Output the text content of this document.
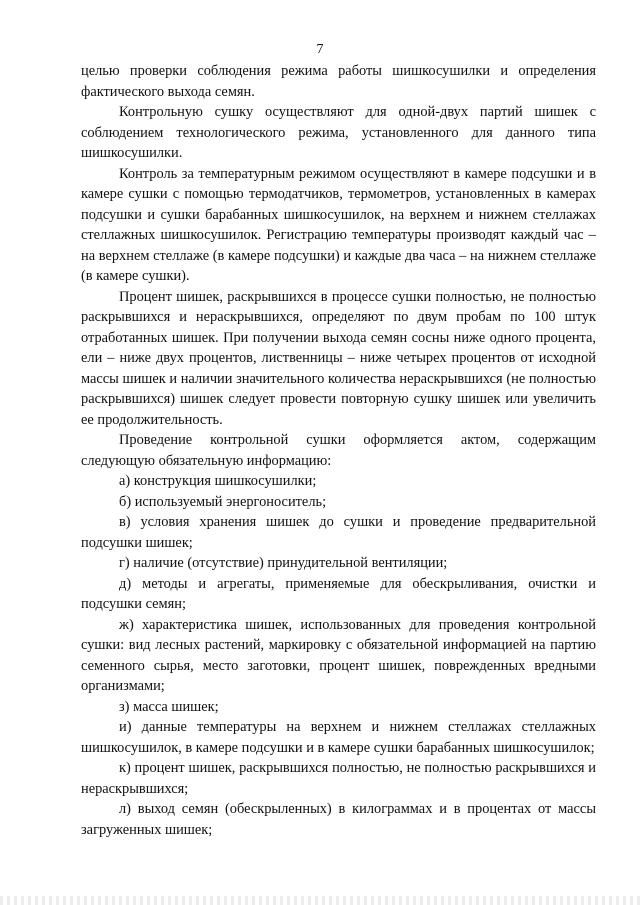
7

целью проверки соблюдения режима работы шишкосушилки и определения фактического выхода семян.

Контрольную сушку осуществляют для одной-двух партий шишек с соблюдением технологического режима, установленного для данного типа шишкосушилки.

Контроль за температурным режимом осуществляют в камере подсушки и в камере сушки с помощью термодатчиков, термометров, установленных в камерах подсушки и сушки барабанных шишкосушилок, на верхнем и нижнем стеллажах стеллажных шишкосушилок. Регистрацию температуры производят каждый час – на верхнем стеллаже (в камере подсушки) и каждые два часа – на нижнем стеллаже (в камере сушки).

Процент шишек, раскрывшихся в процессе сушки полностью, не полностью раскрывшихся и нераскрывшихся, определяют по двум пробам по 100 штук отработанных шишек. При получении выхода семян сосны ниже одного процента, ели – ниже двух процентов, лиственницы – ниже четырех процентов от исходной массы шишек и наличии значительного количества нераскрывшихся (не полностью раскрывшихся) шишек следует провести повторную сушку шишек или увеличить ее продолжительность.

Проведение контрольной сушки оформляется актом, содержащим следующую обязательную информацию:

а) конструкция шишкосушилки;

б) используемый энергоноситель;

в) условия хранения шишек до сушки и проведение предварительной подсушки шишек;

г) наличие (отсутствие) принудительной вентиляции;

д) методы и агрегаты, применяемые для обескрыливания, очистки и подсушки семян;

ж) характеристика шишек, использованных для проведения контрольной сушки: вид лесных растений, маркировку с обязательной информацией на партию семенного сырья, место заготовки, процент шишек, поврежденных вредными организмами;

з) масса шишек;

и) данные температуры на верхнем и нижнем стеллажах стеллажных шишкосушилок, в камере подсушки и в камере сушки барабанных шишкосушилок;

к) процент шишек, раскрывшихся полностью, не полностью раскрывшихся и нераскрывшихся;

л) выход семян (обескрыленных) в килограммах и в процентах от массы загруженных шишек;
